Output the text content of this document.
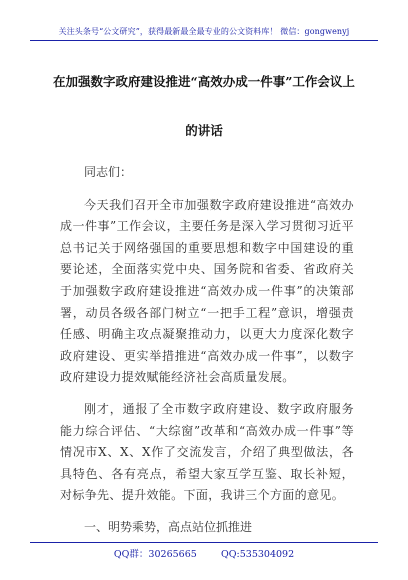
关注头条号“公文研究”，获得最新最全最专业的公文资料库！ 微信：gongwenyj
在加强数字政府建设推进“高效办成一件事”工作会议上
的讲话

同志们：

今天我们召开全市加强数字政府建设推进“高效办成一件事”工作会议，主要任务是深入学习贯彻习近平总书记关于网络强国的重要思想和数字中国建设的重要论述，全面落实党中央、国务院和省委、省政府关于加强数字政府建设推进“高效办成一件事”的决策部署，动员各级各部门树立“一把手工程”意识，增强责任感、明确主攻点凝聚推动力，以更大力度深化数字政府建设、更实举措推进“高效办成一件事”，以数字政府建设力提效赋能经济社会高质量发展。

刚才，通报了全市数字政府建设、数字政府服务能力综合评估、“大综窗”改革和“高效办成一件事”等情况市X、X、X作了交流发言，介绍了典型做法，各具特色、各有亮点，希望大家互学互鉴、取长补短，对标争先、提升效能。下面，我讲三个方面的意见。

一、明势乘势，高点站位抓推进

QQ群：30265665        QQ:535304092
